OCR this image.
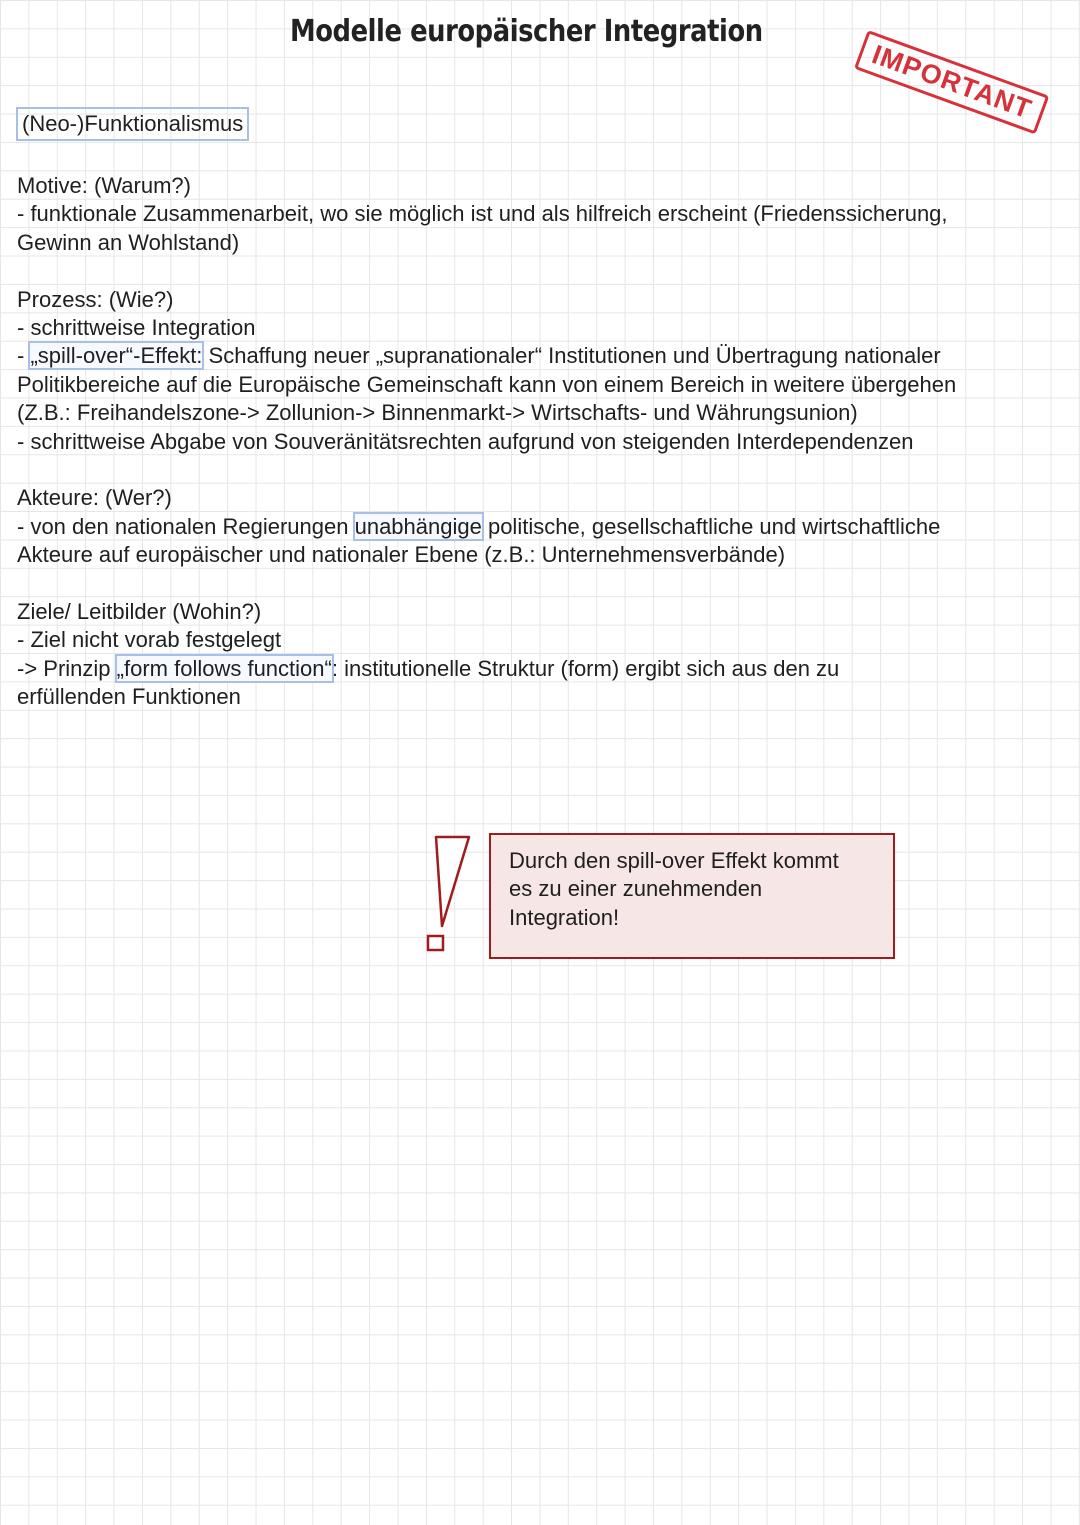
Modelle europäischer Integration
IMPORTANT
(Neo-)Funktionalismus
Motive: (Warum?)
- funktionale Zusammenarbeit, wo sie möglich ist und als hilfreich erscheint (Friedenssicherung,
Gewinn an Wohlstand)
Prozess: (Wie?)
- schrittweise Integration
- „spill-over“-Effekt: Schaffung neuer „supranationaler“ Institutionen und Übertragung nationaler
Politikbereiche auf die Europäische Gemeinschaft kann von einem Bereich in weitere übergehen
(Z.B.: Freihandelszone-> Zollunion-> Binnenmarkt-> Wirtschafts- und Währungsunion)
- schrittweise Abgabe von Souveränitätsrechten aufgrund von steigenden Interdependenzen
Akteure: (Wer?)
- von den nationalen Regierungen unabhängige politische, gesellschaftliche und wirtschaftliche
Akteure auf europäischer und nationaler Ebene (z.B.: Unternehmensverbände)
Ziele/ Leitbilder (Wohin?)
- Ziel nicht vorab festgelegt
-> Prinzip „form follows function“: institutionelle Struktur (form) ergibt sich aus den zu
erfüllenden Funktionen
Durch den spill-over Effekt kommt
es zu einer zunehmenden
Integration!
